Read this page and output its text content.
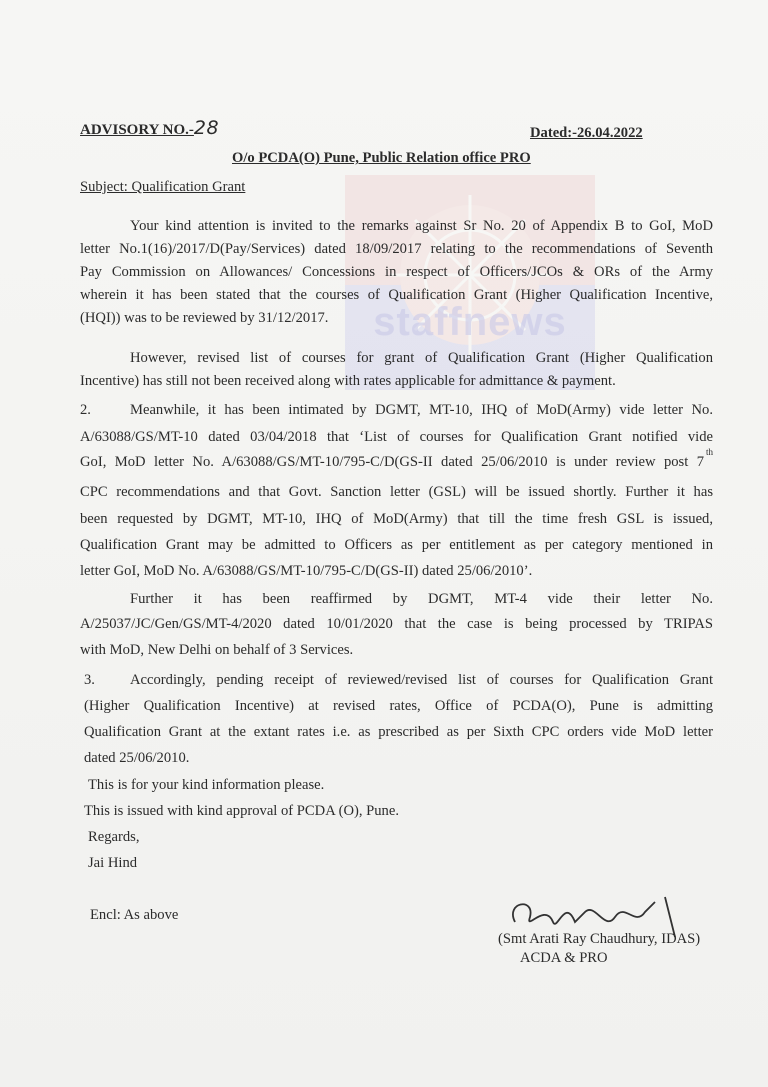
staffnews
ADVISORY NO.-28	Dated:-26.04.2022
O/o PCDA(O) Pune, Public Relation office PRO
Subject: Qualification Grant
Your kind attention is invited to the remarks against Sr No. 20 of Appendix B to GoI, MoD
letter No.1(16)/2017/D(Pay/Services) dated 18/09/2017 relating to the recommendations of Seventh
Pay Commission on Allowances/ Concessions in respect of Officers/JCOs & ORs of the Army
wherein it has been stated that the courses of Qualification Grant (Higher Qualification Incentive,
(HQI)) was to be reviewed by 31/12/2017.
However, revised list of courses for grant of Qualification Grant (Higher Qualification
Incentive) has still not been received along with rates applicable for admittance & payment.
2.	Meanwhile, it has been intimated by DGMT, MT-10, IHQ of MoD(Army) vide letter No.
A/63088/GS/MT-10 dated 03/04/2018 that ‘List of courses for Qualification Grant notified vide
GoI, MoD letter No. A/63088/GS/MT-10/795-C/D(GS-II dated 25/06/2010 is under review post 7
th
CPC recommendations and that Govt. Sanction letter (GSL) will be issued shortly. Further it has
been requested by DGMT, MT-10, IHQ of MoD(Army) that till the time fresh GSL is issued,
Qualification Grant may be admitted to Officers as per entitlement as per category mentioned in
letter GoI, MoD No. A/63088/GS/MT-10/795-C/D(GS-II) dated 25/06/2010’.
Further it has been reaffirmed by DGMT, MT-4 vide their letter No.
A/25037/JC/Gen/GS/MT-4/2020 dated 10/01/2020 that the case is being processed by TRIPAS
with MoD, New Delhi on behalf of 3 Services.
3. Accordingly, pending receipt of reviewed/revised list of courses for Qualification Grant
(Higher Qualification Incentive) at revised rates, Office of PCDA(O), Pune is admitting
Qualification Grant at the extant rates i.e. as prescribed as per Sixth CPC orders vide MoD letter
dated 25/06/2010.
This is for your kind information please.
This is issued with kind approval of PCDA (O), Pune.
Regards,
Jai Hind
Encl: As above
(Smt Arati Ray Chaudhury, IDAS)
ACDA & PRO
